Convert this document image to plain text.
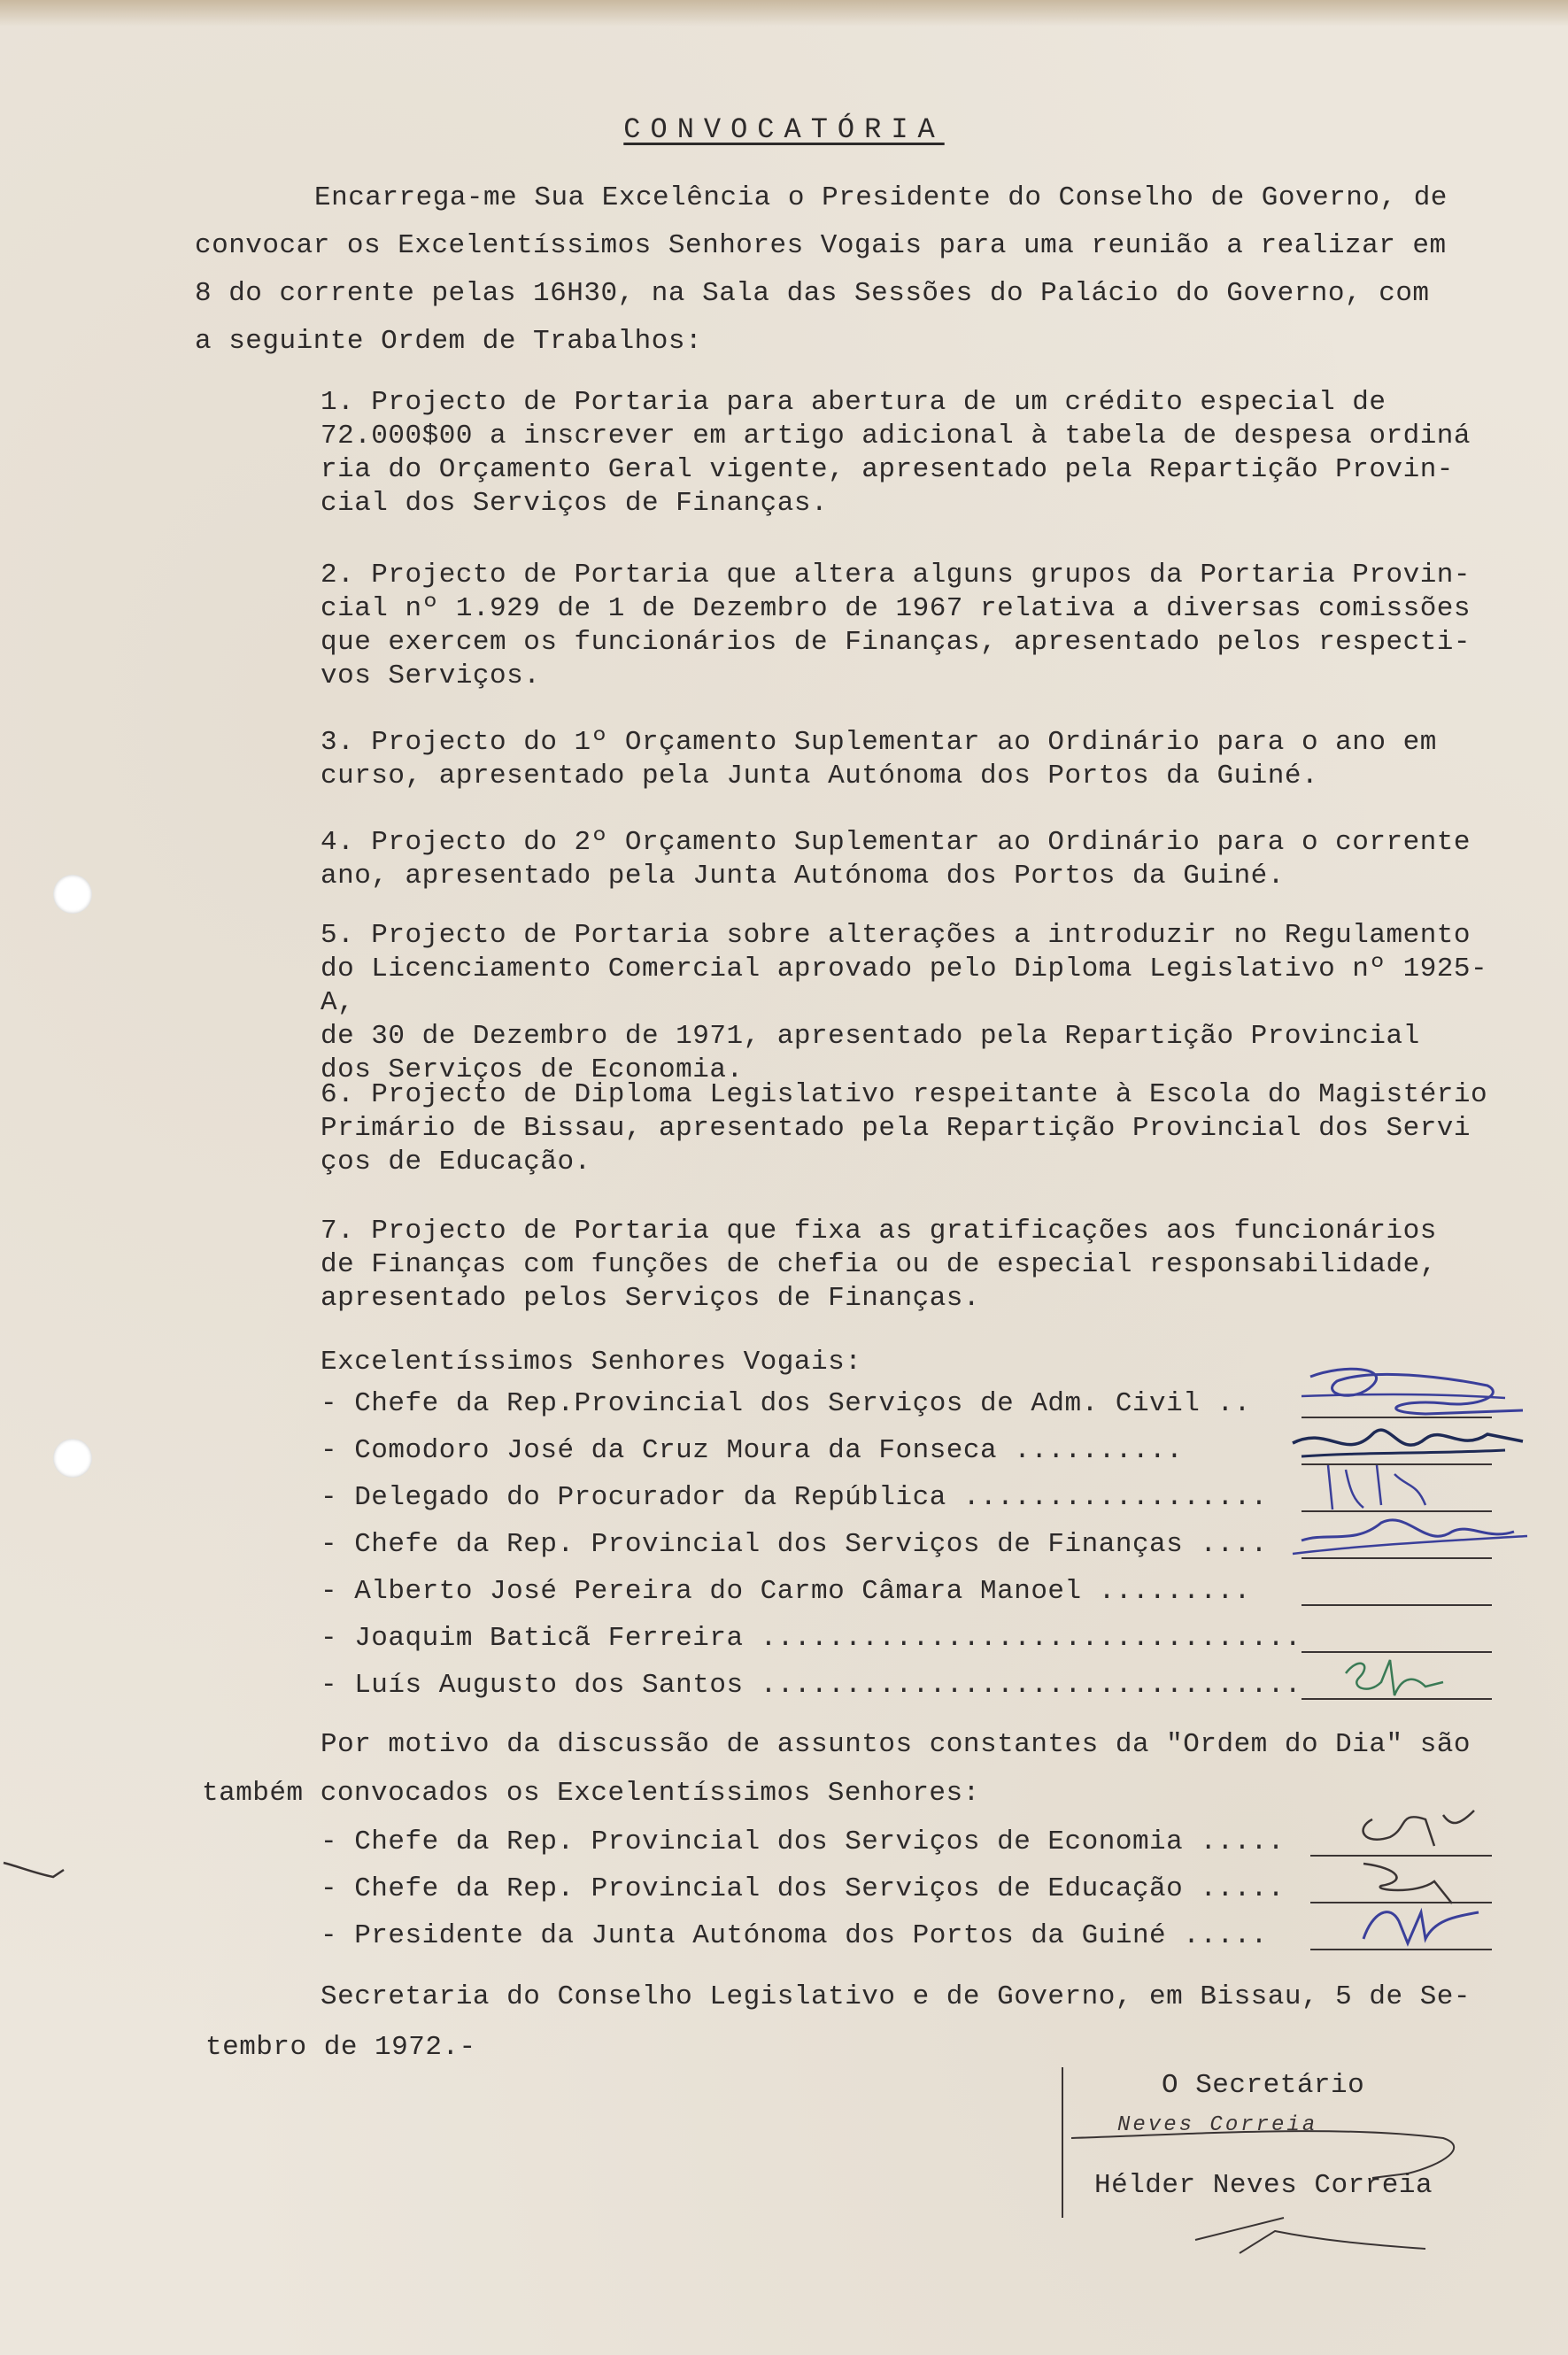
CONVOCATÓRIA
Encarrega-me Sua Excelência o Presidente do Conselho de Governo, de
convocar os Excelentíssimos Senhores Vogais para uma reunião a realizar em
8 do corrente pelas 16H30, na Sala das Sessões do Palácio do Governo, com
a seguinte Ordem de Trabalhos:
1. Projecto de Portaria para abertura de um crédito especial de
72.000$00 a inscrever em artigo adicional à tabela de despesa ordiná
ria do Orçamento Geral vigente, apresentado pela Repartição Provin-
cial dos Serviços de Finanças.
2. Projecto de Portaria que altera alguns grupos da Portaria Provin-
cial nº 1.929 de 1 de Dezembro de 1967 relativa a diversas comissões
que exercem os funcionários de Finanças, apresentado pelos respecti-
vos Serviços.
3. Projecto do 1º Orçamento Suplementar ao Ordinário para o ano em
curso, apresentado pela Junta Autónoma dos Portos da Guiné.
4. Projecto do 2º Orçamento Suplementar ao Ordinário para o corrente
ano, apresentado pela Junta Autónoma dos Portos da Guiné.
5. Projecto de Portaria sobre alterações a introduzir no Regulamento
do Licenciamento Comercial aprovado pelo Diploma Legislativo nº 1925-A,
de 30 de Dezembro de 1971, apresentado pela Repartição Provincial
dos Serviços de Economia.
6. Projecto de Diploma Legislativo respeitante à Escola do Magistério
Primário de Bissau, apresentado pela Repartição Provincial dos Servi
ços de Educação.
7. Projecto de Portaria que fixa as gratificações aos funcionários
de Finanças com funções de chefia ou de especial responsabilidade,
apresentado pelos Serviços de Finanças.
Excelentíssimos Senhores Vogais:
- Chefe da Rep.Provincial dos Serviços de Adm. Civil ..
- Comodoro José da Cruz Moura da Fonseca ..........
- Delegado do Procurador da República ..................
- Chefe da Rep. Provincial dos Serviços de Finanças ....
- Alberto José Pereira do Carmo Câmara Manoel .........
- Joaquim Baticã Ferreira ................................
- Luís Augusto dos Santos ................................
Por motivo da discussão de assuntos constantes da "Ordem do Dia" são
também convocados os Excelentíssimos Senhores:
- Chefe da Rep. Provincial dos Serviços de Economia .....
- Chefe da Rep. Provincial dos Serviços de Educação .....
- Presidente da Junta Autónoma dos Portos da Guiné .....
Secretaria do Conselho Legislativo e de Governo, em Bissau, 5 de Se-
tembro de 1972.-
O Secretário
Neves Correia
Hélder Neves Correia
